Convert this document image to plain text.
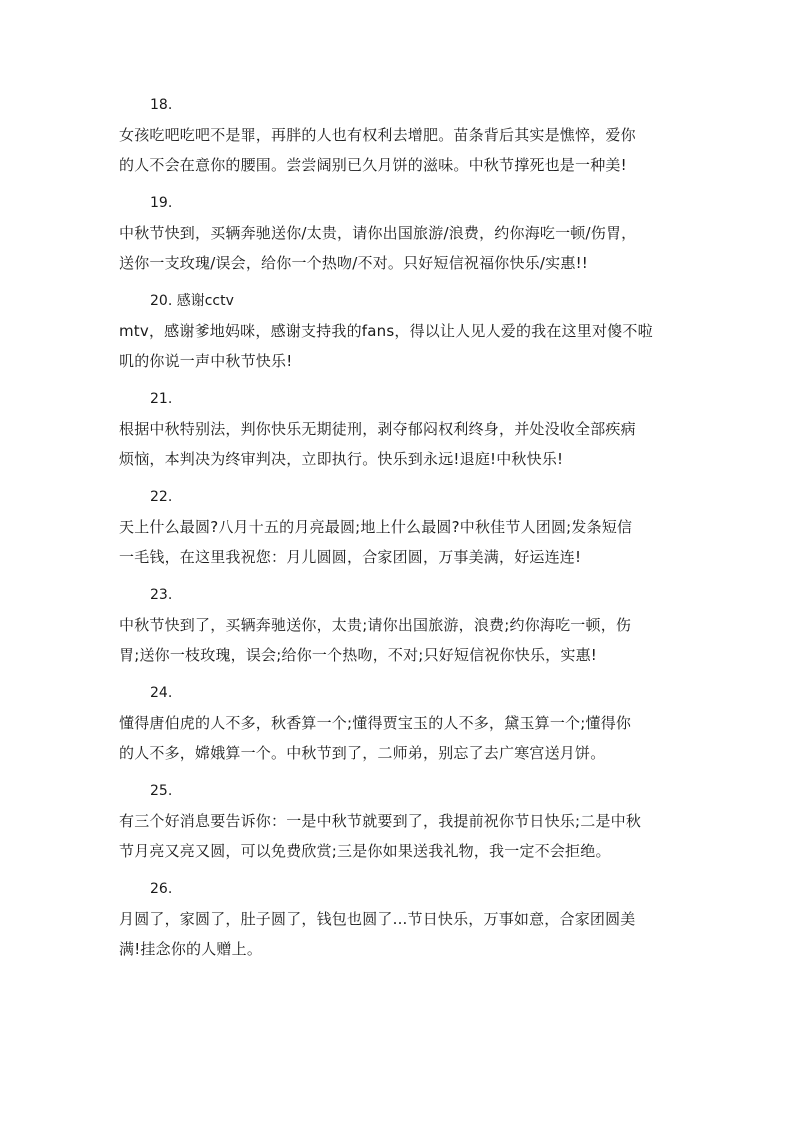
18.
女孩吃吧吃吧不是罪，再胖的人也有权利去增肥。苗条背后其实是憔悴，爱你
的人不会在意你的腰围。尝尝阔别已久月饼的滋味。中秋节撑死也是一种美!
19.
中秋节快到，买辆奔驰送你/太贵，请你出国旅游/浪费，约你海吃一顿/伤胃，
送你一支玫瑰/误会，给你一个热吻/不对。只好短信祝福你快乐/实惠!!
20. 感谢cctv
mtv，感谢爹地妈咪，感谢支持我的fans，得以让人见人爱的我在这里对傻不啦
叽的你说一声中秋节快乐!
21.
根据中秋特别法，判你快乐无期徒刑，剥夺郁闷权利终身，并处没收全部疾病
烦恼，本判决为终审判决，立即执行。快乐到永远!退庭!中秋快乐!
22.
天上什么最圆?八月十五的月亮最圆;地上什么最圆?中秋佳节人团圆;发条短信
一毛钱，在这里我祝您：月儿圆圆，合家团圆，万事美满，好运连连!
23.
中秋节快到了，买辆奔驰送你，太贵;请你出国旅游，浪费;约你海吃一顿，伤
胃;送你一枝玫瑰，误会;给你一个热吻，不对;只好短信祝你快乐，实惠!
24.
懂得唐伯虎的人不多，秋香算一个;懂得贾宝玉的人不多，黛玉算一个;懂得你
的人不多，嫦娥算一个。中秋节到了，二师弟，别忘了去广寒宫送月饼。
25.
有三个好消息要告诉你：一是中秋节就要到了，我提前祝你节日快乐;二是中秋
节月亮又亮又圆，可以免费欣赏;三是你如果送我礼物，我一定不会拒绝。
26.
月圆了，家圆了，肚子圆了，钱包也圆了...节日快乐，万事如意，合家团圆美
满!挂念你的人赠上。
